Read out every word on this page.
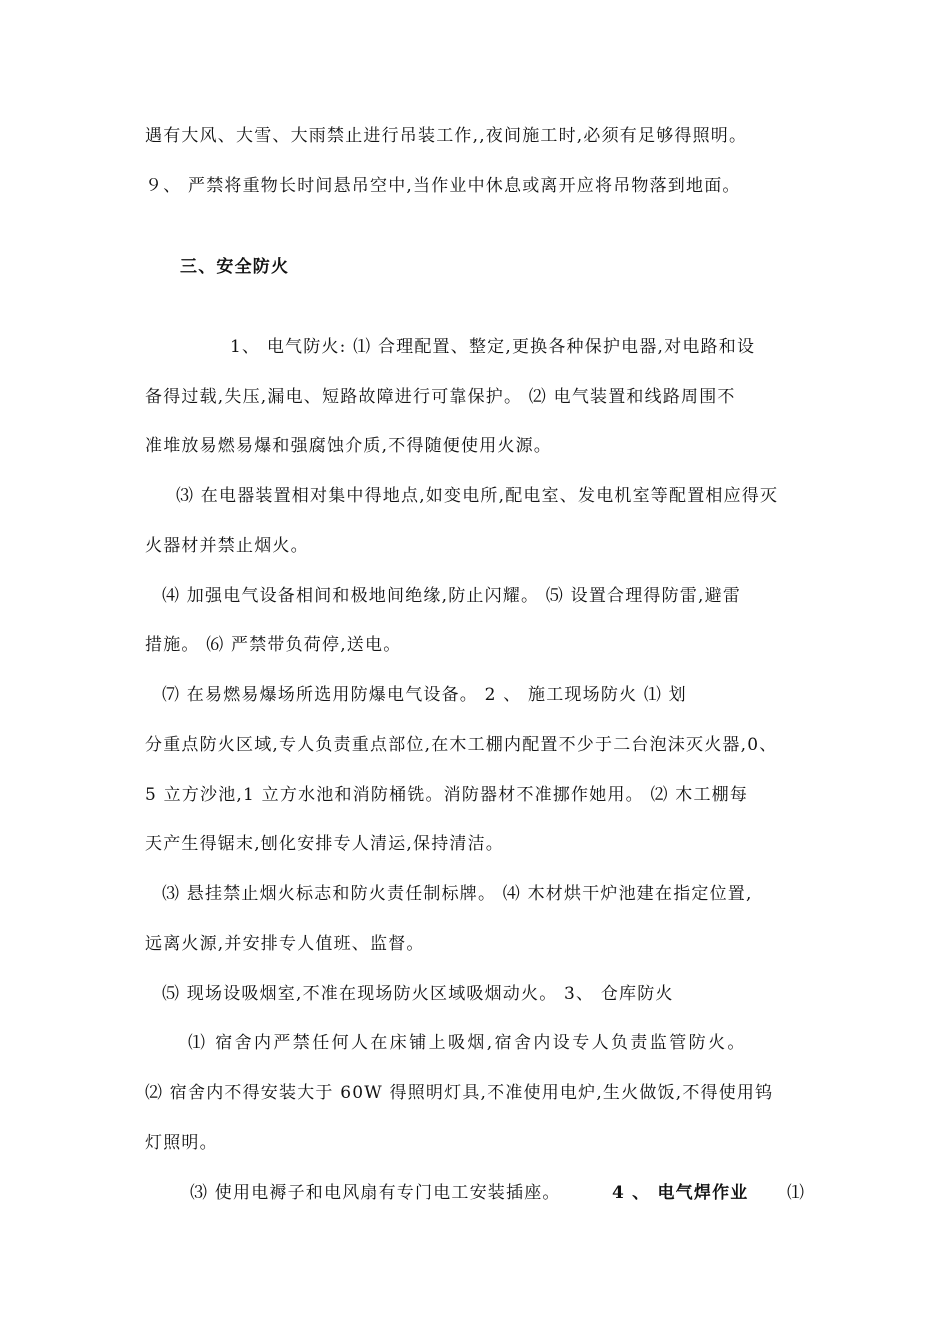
遇有大风、大雪、大雨禁止进行吊装工作,,夜间施工时,必须有足够得照明。
９、 严禁将重物长时间悬吊空中,当作业中休息或离开应将吊物落到地面。
三、安全防火
1、 电气防火: ⑴ 合理配置、整定,更换各种保护电器,对电路和设
备得过载,失压,漏电、短路故障进行可靠保护。 ⑵ 电气装置和线路周围不
准堆放易燃易爆和强腐蚀介质,不得随便使用火源。
⑶ 在电器装置相对集中得地点,如变电所,配电室、发电机室等配置相应得灭
火器材并禁止烟火。
⑷ 加强电气设备相间和极地间绝缘,防止闪耀。 ⑸ 设置合理得防雷,避雷
措施。 ⑹ 严禁带负荷停,送电。
⑺ 在易燃易爆场所选用防爆电气设备。 2 、 施工现场防火 ⑴ 划
分重点防火区域,专人负责重点部位,在木工棚内配置不少于二台泡沫灭火器,0、
5 立方沙池,1 立方水池和消防桶铣。消防器材不准挪作她用。 ⑵ 木工棚每
天产生得锯末,刨化安排专人清运,保持清洁。
⑶ 悬挂禁止烟火标志和防火责任制标牌。 ⑷ 木材烘干炉池建在指定位置,
远离火源,并安排专人值班、监督。
⑸ 现场设吸烟室,不准在现场防火区域吸烟动火。 3、 仓库防火
⑴ 宿舍内严禁任何人在床铺上吸烟,宿舍内设专人负责监管防火。
⑵ 宿舍内不得安装大于 60W 得照明灯具,不准使用电炉,生火做饭,不得使用钨
灯照明。
⑶ 使用电褥子和电风扇有专门电工安装插座。	4 、 电气焊作业 ⑴
